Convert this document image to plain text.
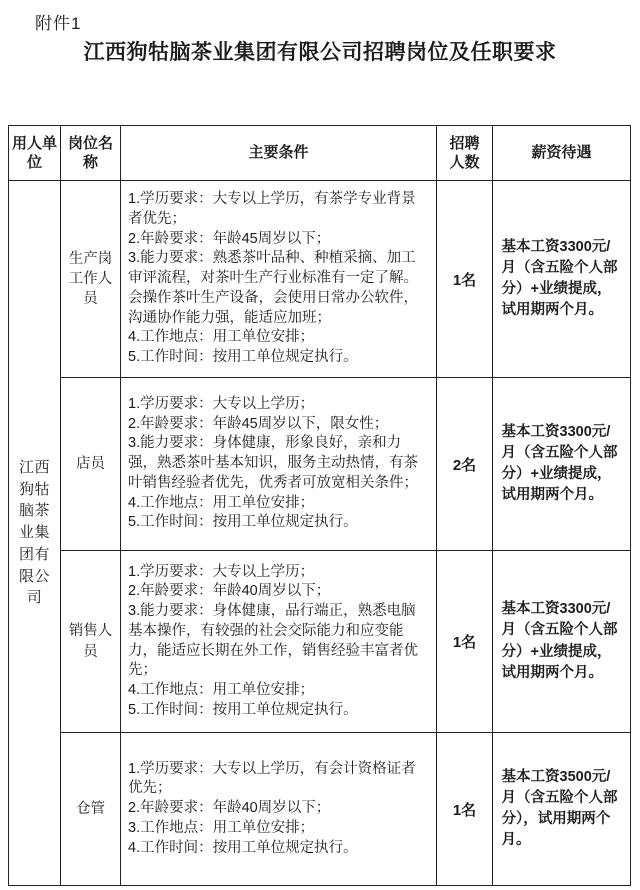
附件1
江西狗牯脑茶业集团有限公司招聘岗位及任职要求
用人单位	岗位名称	主要条件	招聘人数	薪资待遇

江西狗牯脑茶业集团有限公司	生产岗工作人员	1.学历要求：大专以上学历，有茶学专业背景者优先；
2.年龄要求：年龄45周岁以下；
3.能力要求：熟悉茶叶品种、种植采摘、加工审评流程，对茶叶生产行业标准有一定了解。会操作茶叶生产设备，会使用日常办公软件，沟通协作能力强，能适应加班；
4.工作地点：用工单位安排；
5.工作时间：按用工单位规定执行。	1名	基本工资3300元/月（含五险个人部分）+业绩提成，试用期两个月。

	店员	1.学历要求：大专以上学历；
2.年龄要求：年龄45周岁以下，限女性；
3.能力要求：身体健康，形象良好，亲和力强，熟悉茶叶基本知识，服务主动热情，有茶叶销售经验者优先，优秀者可放宽相关条件；
4.工作地点：用工单位安排；
5.工作时间：按用工单位规定执行。	2名	基本工资3300元/月（含五险个人部分）+业绩提成，试用期两个月。

	销售人员	1.学历要求：大专以上学历；
2.年龄要求：年龄40周岁以下；
3.能力要求：身体健康，品行端正，熟悉电脑基本操作，有较强的社会交际能力和应变能力，能适应长期在外工作，销售经验丰富者优先；
4.工作地点：用工单位安排；
5.工作时间：按用工单位规定执行。	1名	基本工资3300元/月（含五险个人部分）+业绩提成，试用期两个月。

	仓管	1.学历要求：大专以上学历，有会计资格证者优先；
2.年龄要求：年龄40周岁以下；
3.工作地点：用工单位安排；
4.工作时间：按用工单位规定执行。	1名	基本工资3500元/月（含五险个人部分），试用期两个月。
